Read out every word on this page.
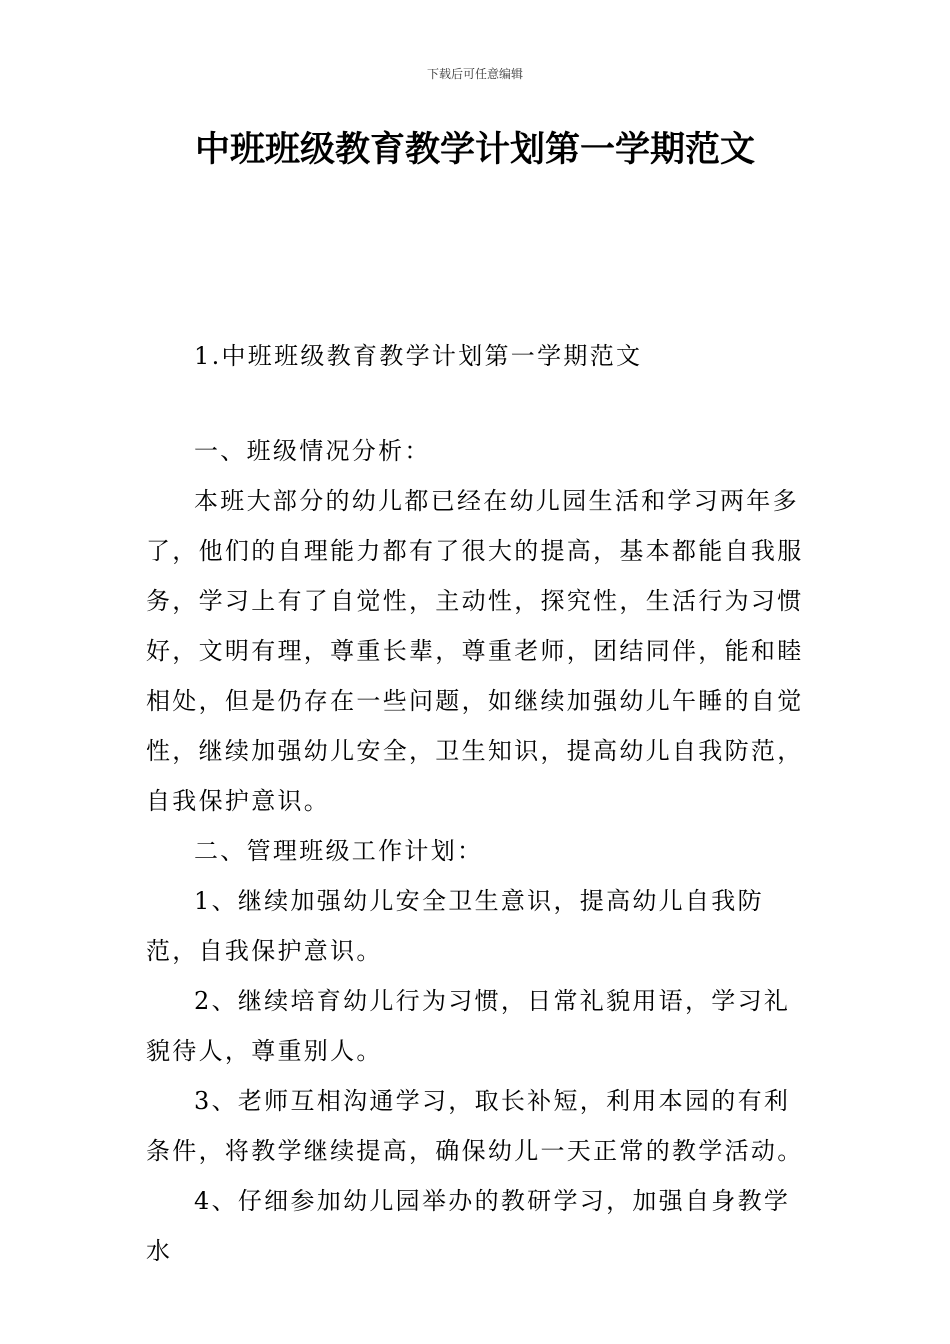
下载后可任意编辑
中班班级教育教学计划第一学期范文

1.中班班级教育教学计划第一学期范文

一、班级情况分析：

本班大部分的幼儿都已经在幼儿园生活和学习两年多了，他们的自理能力都有了很大的提高，基本都能自我服务，学习上有了自觉性，主动性，探究性，生活行为习惯好，文明有理，尊重长辈，尊重老师，团结同伴，能和睦相处，但是仍存在一些问题，如继续加强幼儿午睡的自觉性，继续加强幼儿安全，卫生知识，提高幼儿自我防范，自我保护意识。

二、管理班级工作计划：

1、继续加强幼儿安全卫生意识，提高幼儿自我防范，自我保护意识。

2、继续培育幼儿行为习惯，日常礼貌用语，学习礼貌待人，尊重别人。

3、老师互相沟通学习，取长补短，利用本园的有利条件，将教学继续提高，确保幼儿一天正常的教学活动。

4、仔细参加幼儿园举办的教研学习，加强自身教学水
